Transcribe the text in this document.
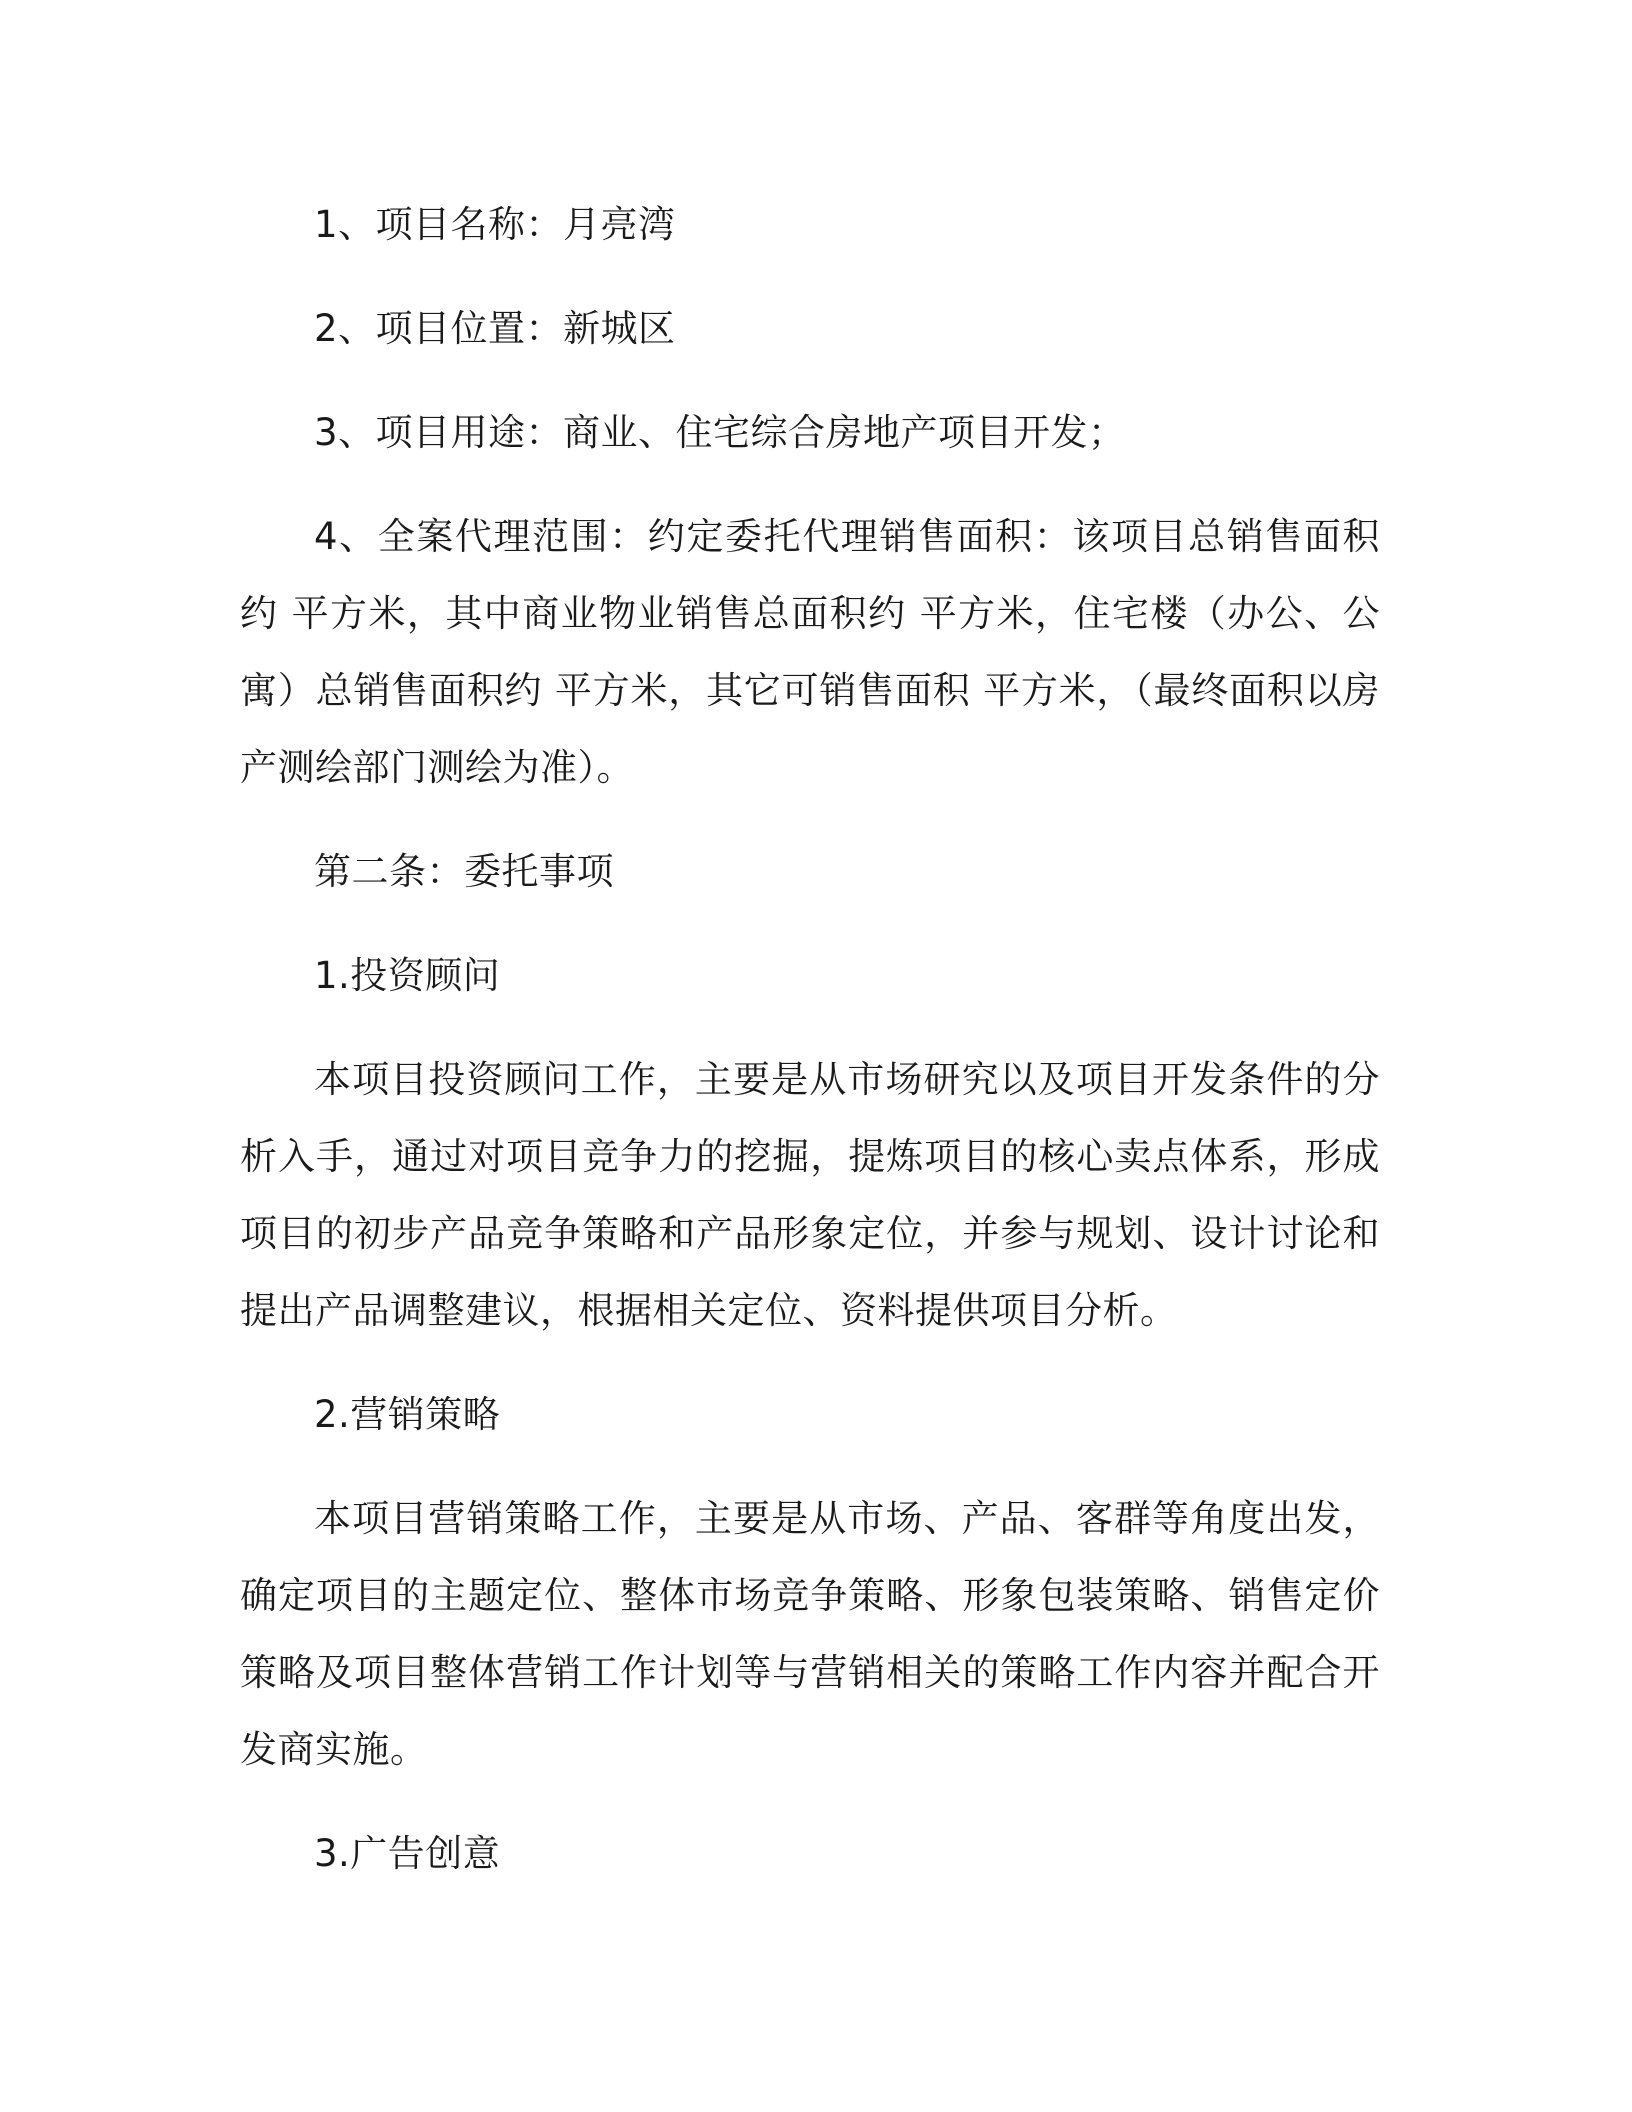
1、项目名称：月亮湾

2、项目位置：新城区

3、项目用途：商业、住宅综合房地产项目开发；

4、全案代理范围：约定委托代理销售面积：该项目总销售面积约 平方米，其中商业物业销售总面积约 平方米，住宅楼（办公、公寓）总销售面积约 平方米，其它可销售面积 平方米，（最终面积以房产测绘部门测绘为准）。

第二条：委托事项

1.投资顾问

本项目投资顾问工作，主要是从市场研究以及项目开发条件的分析入手，通过对项目竞争力的挖掘，提炼项目的核心卖点体系，形成项目的初步产品竞争策略和产品形象定位，并参与规划、设计讨论和提出产品调整建议，根据相关定位、资料提供项目分析。

2.营销策略

本项目营销策略工作，主要是从市场、产品、客群等角度出发，确定项目的主题定位、整体市场竞争策略、形象包装策略、销售定价策略及项目整体营销工作计划等与营销相关的策略工作内容并配合开发商实施。

3.广告创意
